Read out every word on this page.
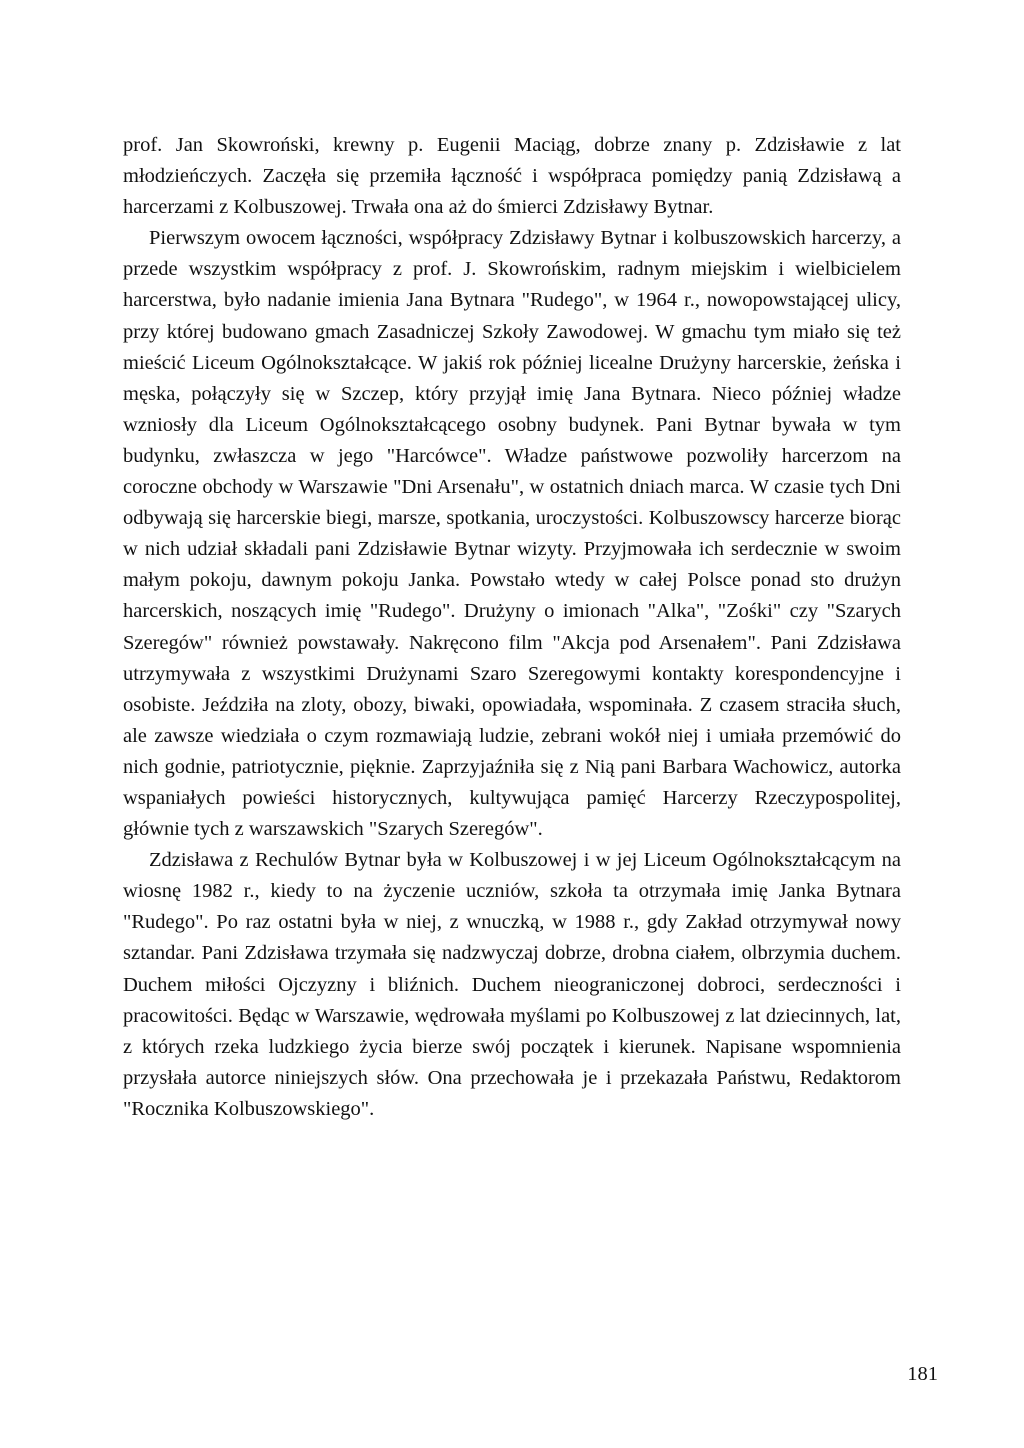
prof. Jan Skowroński, krewny p. Eugenii Maciąg, dobrze znany p. Zdzisławie z lat młodzieńczych. Zaczęła się przemiła łączność i współpraca pomiędzy panią Zdzisławą a harcerzami z Kolbuszowej. Trwała ona aż do śmierci Zdzisławy Bytnar.

Pierwszym owocem łączności, współpracy Zdzisławy Bytnar i kolbuszowskich harcerzy, a przede wszystkim współpracy z prof. J. Skowrońskim, radnym miejskim i wielbicielem harcerstwa, było nadanie imienia Jana Bytnara "Rudego", w 1964 r., nowopowstającej ulicy, przy której budowano gmach Zasadniczej Szkoły Zawodowej. W gmachu tym miało się też mieścić Liceum Ogólnokształcące. W jakiś rok później licealne Drużyny harcerskie, żeńska i męska, połączyły się w Szczep, który przyjął imię Jana Bytnara. Nieco później władze wzniosły dla Liceum Ogólnokształcącego osobny budynek. Pani Bytnar bywała w tym budynku, zwłaszcza w jego "Harcówce". Władze państwowe pozwoliły harcerzom na coroczne obchody w Warszawie "Dni Arsenału", w ostatnich dniach marca. W czasie tych Dni odbywają się harcerskie biegi, marsze, spotkania, uroczystości. Kolbuszowscy harcerze biorąc w nich udział składali pani Zdzisławie Bytnar wizyty. Przyjmowała ich serdecznie w swoim małym pokoju, dawnym pokoju Janka. Powstało wtedy w całej Polsce ponad sto drużyn harcerskich, noszących imię "Rudego". Drużyny o imionach "Alka", "Zośki" czy "Szarych Szeregów" również powstawały. Nakręcono film "Akcja pod Arsenałem". Pani Zdzisława utrzymywała z wszystkimi Drużynami Szaro Szeregowymi kontakty korespondencyjne i osobiste. Jeździła na zloty, obozy, biwaki, opowiadała, wspominała. Z czasem straciła słuch, ale zawsze wiedziała o czym rozmawiają ludzie, zebrani wokół niej i umiała przemówić do nich godnie, patriotycznie, pięknie. Zaprzyjaźniła się z Nią pani Barbara Wachowicz, autorka wspaniałych powieści historycznych, kultywująca pamięć Harcerzy Rzeczypospolitej, głównie tych z warszawskich "Szarych Szeregów".

Zdzisława z Rechulów Bytnar była w Kolbuszowej i w jej Liceum Ogólnokształcącym na wiosnę 1982 r., kiedy to na życzenie uczniów, szkoła ta otrzymała imię Janka Bytnara "Rudego". Po raz ostatni była w niej, z wnuczką, w 1988 r., gdy Zakład otrzymywał nowy sztandar. Pani Zdzisława trzymała się nadzwyczaj dobrze, drobna ciałem, olbrzymia duchem. Duchem miłości Ojczyzny i bliźnich. Duchem nieograniczonej dobroci, serdeczności i pracowitości. Będąc w Warszawie, wędrowała myślami po Kolbuszowej z lat dziecinnych, lat, z których rzeka ludzkiego życia bierze swój początek i kierunek. Napisane wspomnienia przysłała autorce niniejszych słów. Ona przechowała je i przekazała Państwu, Redaktorom "Rocznika Kolbuszowskiego".

181
